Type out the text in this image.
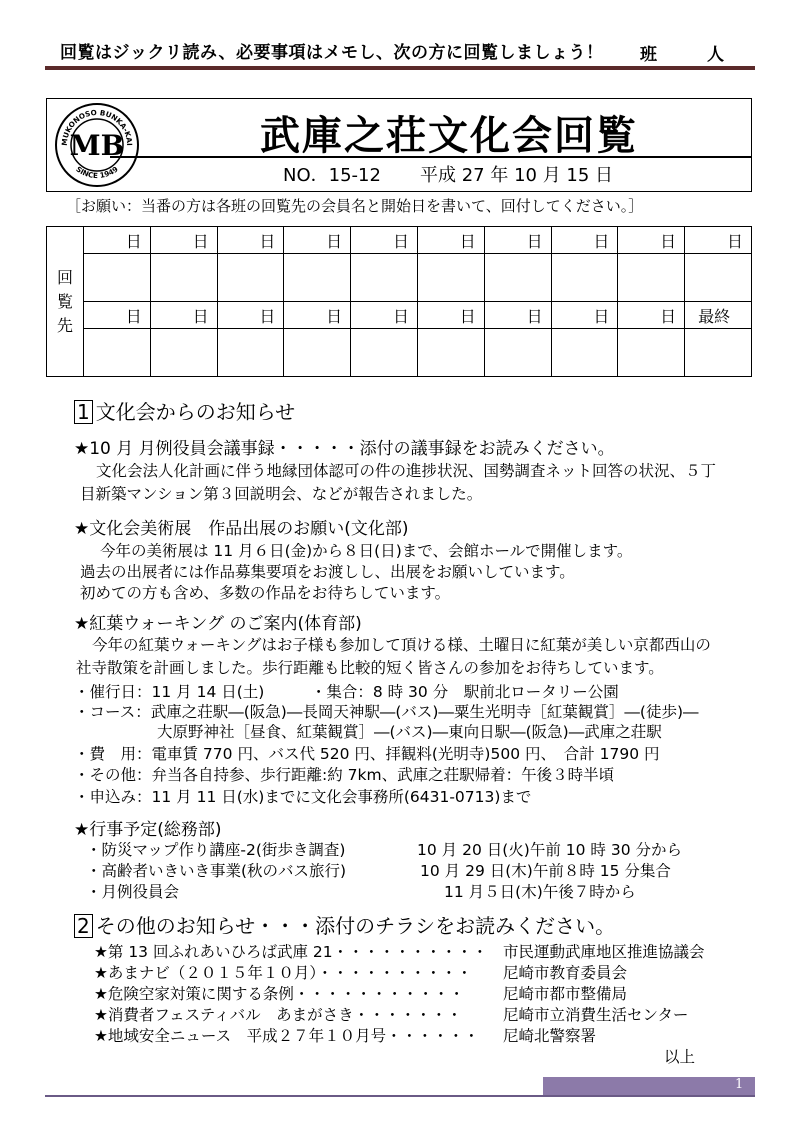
回覧はジックリ読み、必要事項はメモし、次の方に回覧しましょう！ 班	人
MUKONOSO BUNKA-KAI
SINCE 1949
MB	武庫之荘文化会回覧
NO．15-12 平成 27 年 10 月 15 日
［お願い：当番の方は各班の回覧先の会員名と開始日を書いて、回付してください。］
回覧先	日	日	日	日	日	日	日	日	日	日

	日	日	日	日	日	日	日	日	日	最終

1 文化会からのお知らせ
★10 月 月例役員会議事録・・・・・添付の議事録をお読みください。
文化会法人化計画に伴う地縁団体認可の件の進捗状況、国勢調査ネット回答の状況、５丁
目新築マンション第３回説明会、などが報告されました。
★文化会美術展　作品出展のお願い(文化部)
今年の美術展は 11 月６日(金)から８日(日)まで、会館ホールで開催します。
過去の出展者には作品募集要項をお渡しし、出展をお願いしています。
初めての方も含め、多数の作品をお待ちしています。
★紅葉ウォーキング のご案内(体育部)
今年の紅葉ウォーキングはお子様も参加して頂ける様、土曜日に紅葉が美しい京都西山の
社寺散策を計画しました。歩行距離も比較的短く皆さんの参加をお待ちしています。
・催行日：11 月 14 日(土)　　　・集合：8 時 30 分　駅前北ロータリー公園
・コース：武庫之荘駅―(阪急)―長岡天神駅―(バス)―粟生光明寺［紅葉観賞］―(徒歩)―
大原野神社［昼食、紅葉観賞］―(バス)―東向日駅―(阪急)―武庫之荘駅
・費　用：電車賃 770 円、バス代 520 円、拝観料(光明寺)500 円、　合計 1790 円
・その他：弁当各自持参、歩行距離:約 7km、武庫之荘駅帰着：午後３時半頃
・申込み：11 月 11 日(水)までに文化会事務所(6431-0713)まで
★行事予定(総務部)
・防災マップ作り講座-2(街歩き調査)	10 月 20 日(火)午前 10 時 30 分から
・高齢者いきいき事業(秋のバス旅行)	10 月 29 日(木)午前８時 15 分集合
・月例役員会	11 月５日(木)午後７時から
2 その他のお知らせ・・・添付のチラシをお読みください。
★第 13 回ふれあいひろば武庫 21・・・・・・・・・・ 市民運動武庫地区推進協議会
★あまナビ（２０１５年１０月）・・・・・・・・・・ 尼崎市教育委員会
★危険空家対策に関する条例・・・・・・・・・・・ 尼崎市都市整備局
★消費者フェスティバル　あまがさき・・・・・・・	尼崎市立消費生活センター
★地域安全ニュース　平成２７年１０月号・・・・・・ 尼崎北警察署
以上
1
